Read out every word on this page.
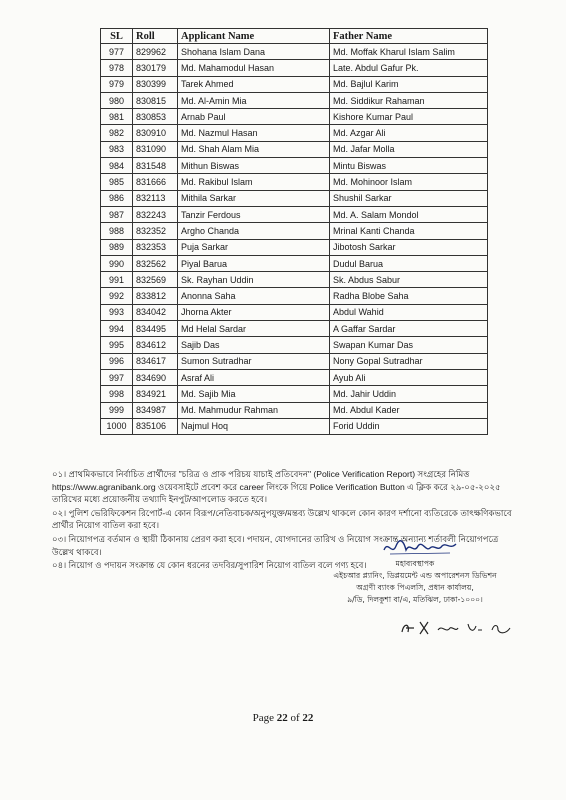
SL	Roll	Applicant Name	Father Name
977	829962	Shohana Islam Dana	Md. Moffak Kharul Islam Salim
978	830179	Md. Mahamodul Hasan	Late. Abdul Gafur Pk.
979	830399	Tarek Ahmed	Md. Bajlul Karim
980	830815	Md. Al-Amin Mia	Md. Siddikur Rahaman
981	830853	Arnab Paul	Kishore Kumar Paul
982	830910	Md. Nazmul Hasan	Md. Azgar Ali
983	831090	Md. Shah Alam Mia	Md. Jafar Molla
984	831548	Mithun Biswas	Mintu Biswas
985	831666	Md. Rakibul Islam	Md. Mohinoor Islam
986	832113	Mithila Sarkar	Shushil Sarkar
987	832243	Tanzir Ferdous	Md. A. Salam Mondol
988	832352	Argho Chanda	Mrinal Kanti Chanda
989	832353	Puja Sarkar	Jibotosh Sarkar
990	832562	Piyal Barua	Dudul Barua
991	832569	Sk. Rayhan Uddin	Sk. Abdus Sabur
992	833812	Anonna Saha	Radha Blobe Saha
993	834042	Jhorna Akter	Abdul Wahid
994	834495	Md Helal Sardar	A Gaffar Sardar
995	834612	Sajib Das	Swapan Kumar Das
996	834617	Sumon Sutradhar	Nony Gopal Sutradhar
997	834690	Asraf Ali	Ayub Ali
998	834921	Md. Sajib Mia	Md. Jahir Uddin
999	834987	Md. Mahmudur Rahman	Md. Abdul Kader
1000	835106	Najmul Hoq	Forid Uddin

০১। প্রাথমিকভাবে নির্বাচিত প্রার্থীদের "চরিত্র ও প্রাক পরিচয় যাচাই প্রতিবেদন" (Police Verification Report) সংগ্রহের নিমিত্ত https://www.agranibank.org ওয়েবসাইটে প্রবেশ করে career লিংকে গিয়ে Police Verification Button এ ক্লিক করে ২৯-০৫-২০২৫ তারিখের মধ্যে প্রয়োজনীয় তথ্যাদি ইনপুট/আপলোড করতে হবে।

০২। পুলিশ ভেরিফিকেশন রিপোর্ট-এ কোন বিরূপ/নেতিবাচক/অনুপযুক্ত/মন্তব্য উল্লেখ থাকলে কোন কারণ দর্শানো ব্যতিরেকে তাৎক্ষণিকভাবে প্রার্থীর নিয়োগ বাতিল করা হবে।

০৩। নিয়োগপত্র বর্তমান ও স্থায়ী ঠিকানায় প্রেরণ করা হবে। পদায়ন, যোগদানের তারিখ ও নিয়োগ সংক্রান্ত অন্যান্য শর্তাবলী নিয়োগপত্রে উল্লেখ থাকবে।

০৪। নিয়োগ ও পদায়ন সংক্রান্ত যে কোন ধরনের তদবির/সুপারিশ নিয়োগ বাতিল বলে গণ্য হবে।	মহাব্যবস্থাপক
এইচআর প্ল্যানিং, ডিপ্লয়মেন্ট এন্ড অপারেশনস ডিভিশন
অগ্রণী ব্যাংক পিএলসি, প্রধান কার্যালয়,
৯/ডি, দিলকুশা বা/এ, মতিঝিল, ঢাকা-১০০০।
Page 22 of 22
